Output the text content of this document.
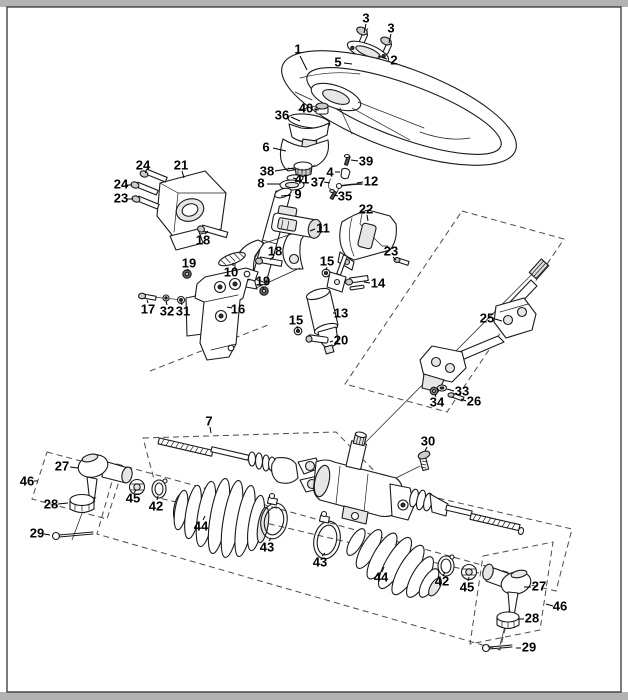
3
3
1
5	2
40
36
6
39
24 21	38	4
24	8 41 37	12
23	9	35
22
11
18
18	23
15
10
19
14
19
25
17 32 31	16	13
15
20
33
34 26
7
30
27
46
45
42
28
29	44
43
43
44	42 45	27
46
28
29
